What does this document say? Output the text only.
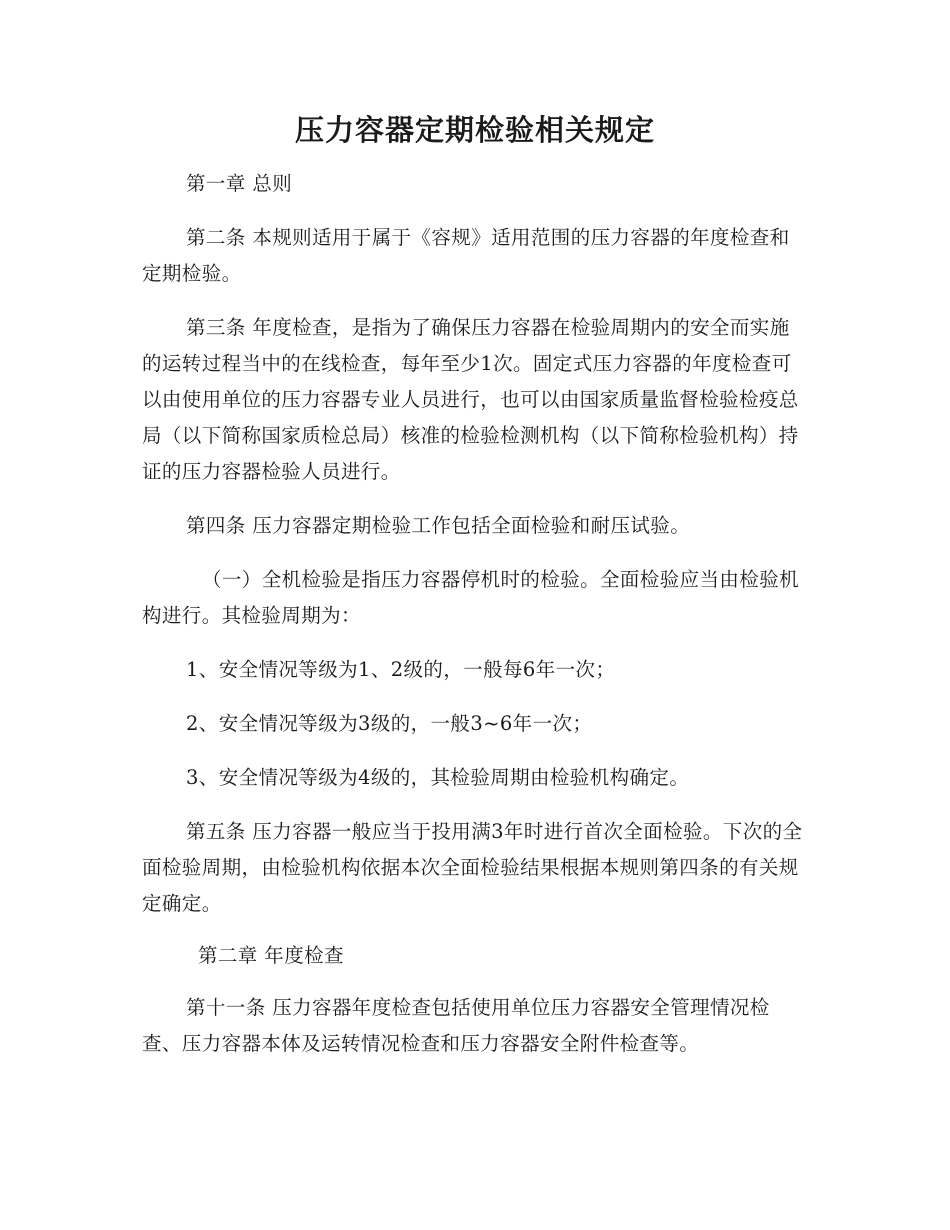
压力容器定期检验相关规定

第一章 总则

第二条 本规则适用于属于《容规》适用范围的压力容器的年度检查和定期检验。

第三条 年度检查，是指为了确保压力容器在检验周期内的安全而实施的运转过程当中的在线检查，每年至少1次。固定式压力容器的年度检查可以由使用单位的压力容器专业人员进行，也可以由国家质量监督检验检疫总局（以下简称国家质检总局）核准的检验检测机构（以下简称检验机构）持证的压力容器检验人员进行。

第四条 压力容器定期检验工作包括全面检验和耐压试验。

（一）全机检验是指压力容器停机时的检验。全面检验应当由检验机构进行。其检验周期为：

1、安全情况等级为1、2级的，一般每6年一次；

2、安全情况等级为3级的，一般3~6年一次；

3、安全情况等级为4级的，其检验周期由检验机构确定。

第五条 压力容器一般应当于投用满3年时进行首次全面检验。下次的全面检验周期，由检验机构依据本次全面检验结果根据本规则第四条的有关规定确定。

第二章 年度检查

第十一条 压力容器年度检查包括使用单位压力容器安全管理情况检查、压力容器本体及运转情况检查和压力容器安全附件检查等。
